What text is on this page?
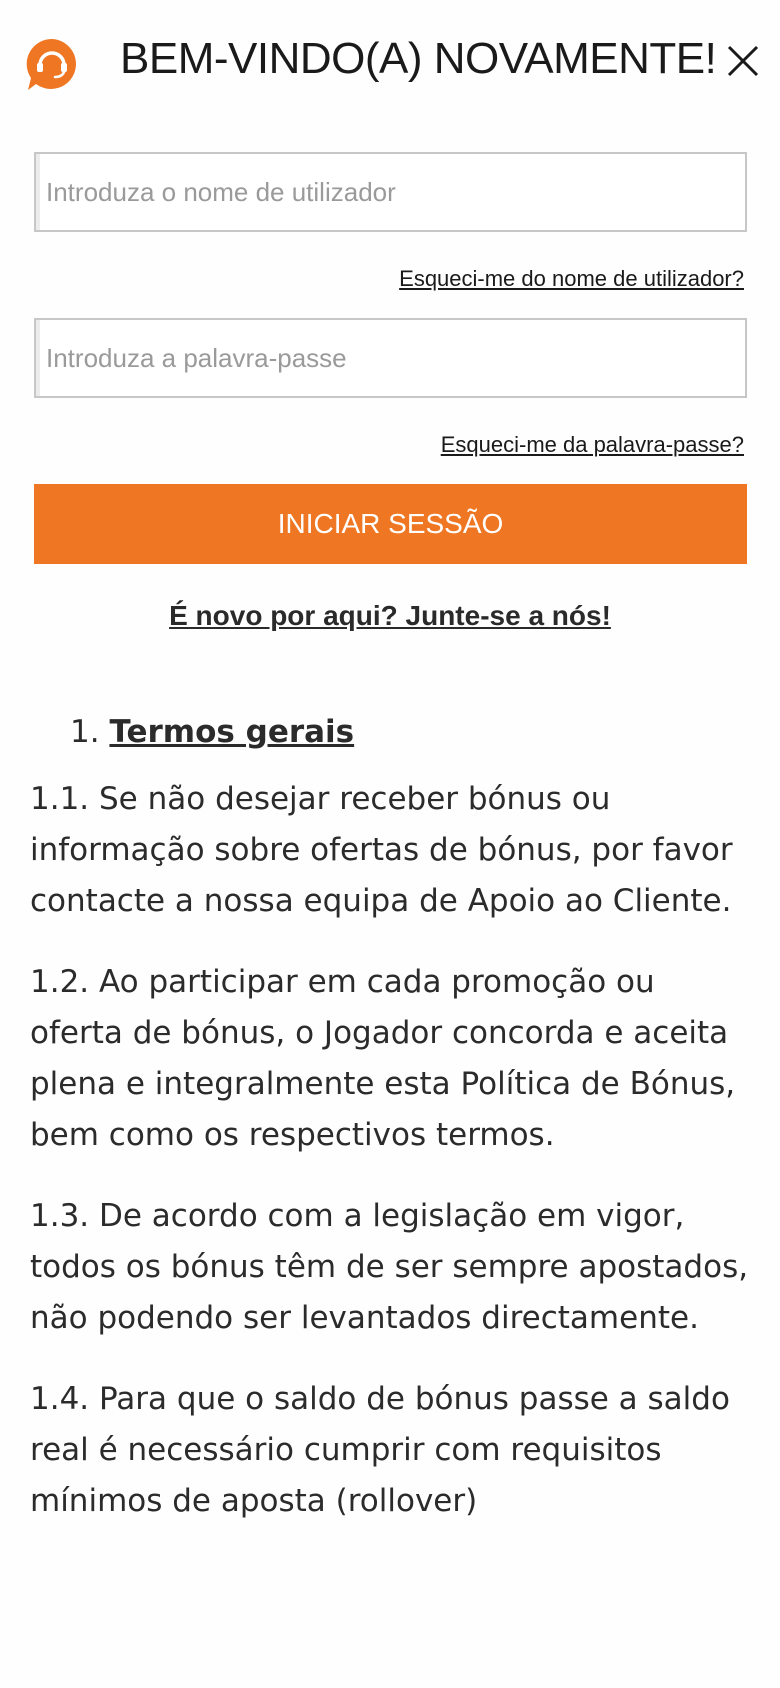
BEM-VINDO(A) NOVAMENTE!
Introduza o nome de utilizador
Esqueci-me do nome de utilizador?
Esqueci-me da palavra-passe?
INICIAR SESSÃO
É novo por aqui? Junte-se a nós!
1. Termos gerais

1.1. Se não desejar receber bónus ou informação sobre ofertas de bónus, por favor contacte a nossa equipa de Apoio ao Cliente.

1.2. Ao participar em cada promoção ou oferta de bónus, o Jogador concorda e aceita plena e integralmente esta Política de Bónus, bem como os respectivos termos.

1.3. De acordo com a legislação em vigor, todos os bónus têm de ser sempre apostados, não podendo ser levantados directamente.

1.4. Para que o saldo de bónus passe a saldo real é necessário cumprir com requisitos mínimos de aposta (rollover)
